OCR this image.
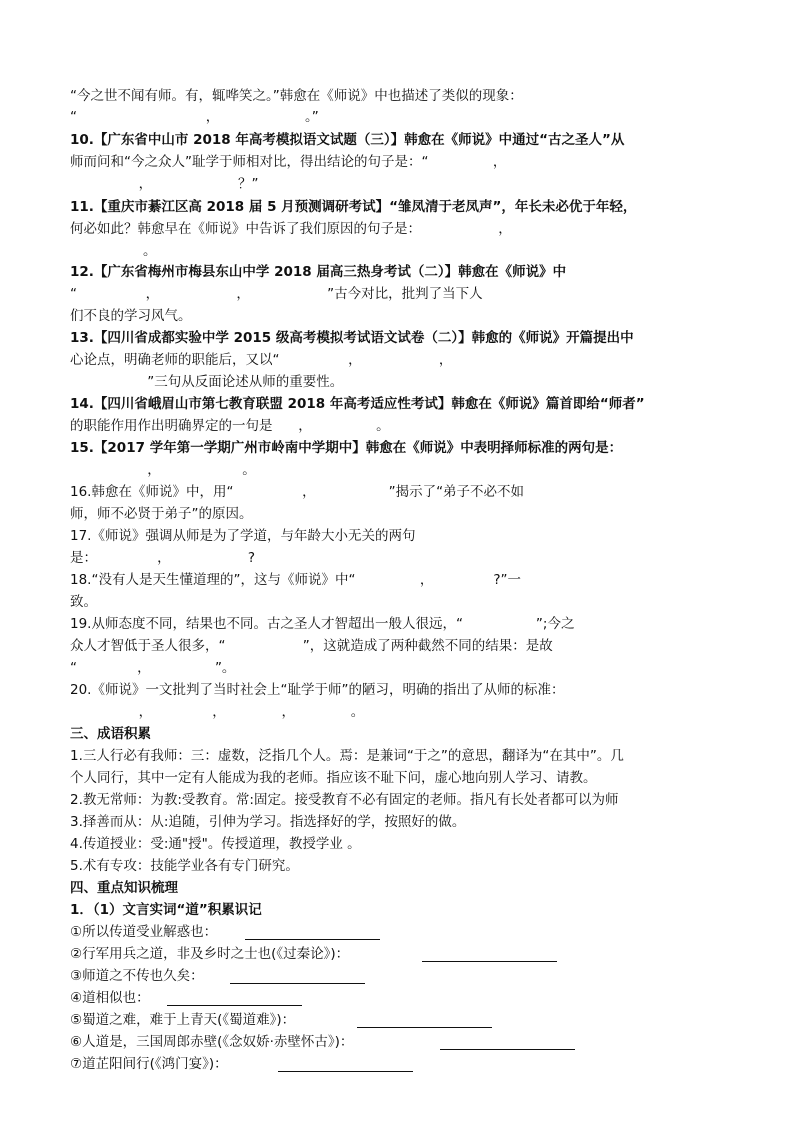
“今之世不闻有师。有，辄哗笑之。”韩愈在《师说》中也描述了类似的现象：
“                              ，                    。”
10.【广东省中山市 2018 年高考模拟语文试题（三）】韩愈在《师说》中通过“古之圣人”从
师而问和“今之众人”耻学于师相对比，得出结论的句子是：“               ，
，                    ？”
11.【重庆市綦江区高 2018 届 5 月预测调研考试】“雏凤清于老凤声”，年长未必优于年轻，
何必如此？韩愈早在《师说》中告诉了我们原因的句子是：                  ，
。
12.【广东省梅州市梅县东山中学 2018 届高三热身考试（二）】韩愈在《师说》中
“                ，                  ，                  ”古今对比，批判了当下人
们不良的学习风气。
13.【四川省成都实验中学 2015 级高考模拟考试语文试卷（二）】韩愈的《师说》开篇提出中
心论点，明确老师的职能后，又以“                ，                  ，
”三句从反面论述从师的重要性。
14.【四川省峨眉山市第七教育联盟 2018 年高考适应性考试】韩愈在《师说》篇首即给“师者”
的职能作用作出明确界定的一句是      ，               。
15.【2017 学年第一学期广州市岭南中学期中】韩愈在《师说》中表明择师标准的两句是：
，                   。
16.韩愈在《师说》中，用“                ，                 ”揭示了“弟子不必不如
师，师不必贤于弟子”的原因。
17.《师说》强调从师是为了学道，与年龄大小无关的两句
是：              ，                  ?
18.“没有人是天生懂道理的”，这与《师说》中“               ，              ?”一
致。
19.从师态度不同，结果也不同。古之圣人才智超出一般人很远，“                 ”;今之
众人才智低于圣人很多，“                  ”，这就造成了两种截然不同的结果：是故
“              ，               ”。
20.《师说》一文批判了当时社会上“耻学于师”的陋习，明确的指出了从师的标准：
，              ，             ，             。
三、成语积累
1.三人行必有我师：三：虚数，泛指几个人。焉：是兼词“于之”的意思，翻译为“在其中”。几
个人同行，其中一定有人能成为我的老师。指应该不耻下问，虚心地向别人学习、请教。
2.教无常师：为教:受教育。常:固定。接受教育不必有固定的老师。指凡有长处者都可以为师
3.择善而从：从:追随，引伸为学习。指选择好的学，按照好的做。
4.传道授业：受:通"授"。传授道理，教授学业 。
5.术有专攻：技能学业各有专门研究。
四、重点知识梳理
1．（1）文言实词“道”积累识记
①所以传道受业解惑也：
②行军用兵之道，非及乡时之士也(《过秦论》)：
③师道之不传也久矣：
④道相似也：
⑤蜀道之难，难于上青天(《蜀道难》)：
⑥人道是，三国周郎赤壁(《念奴娇·赤壁怀古》)：
⑦道芷阳间行(《鸿门宴》)：
